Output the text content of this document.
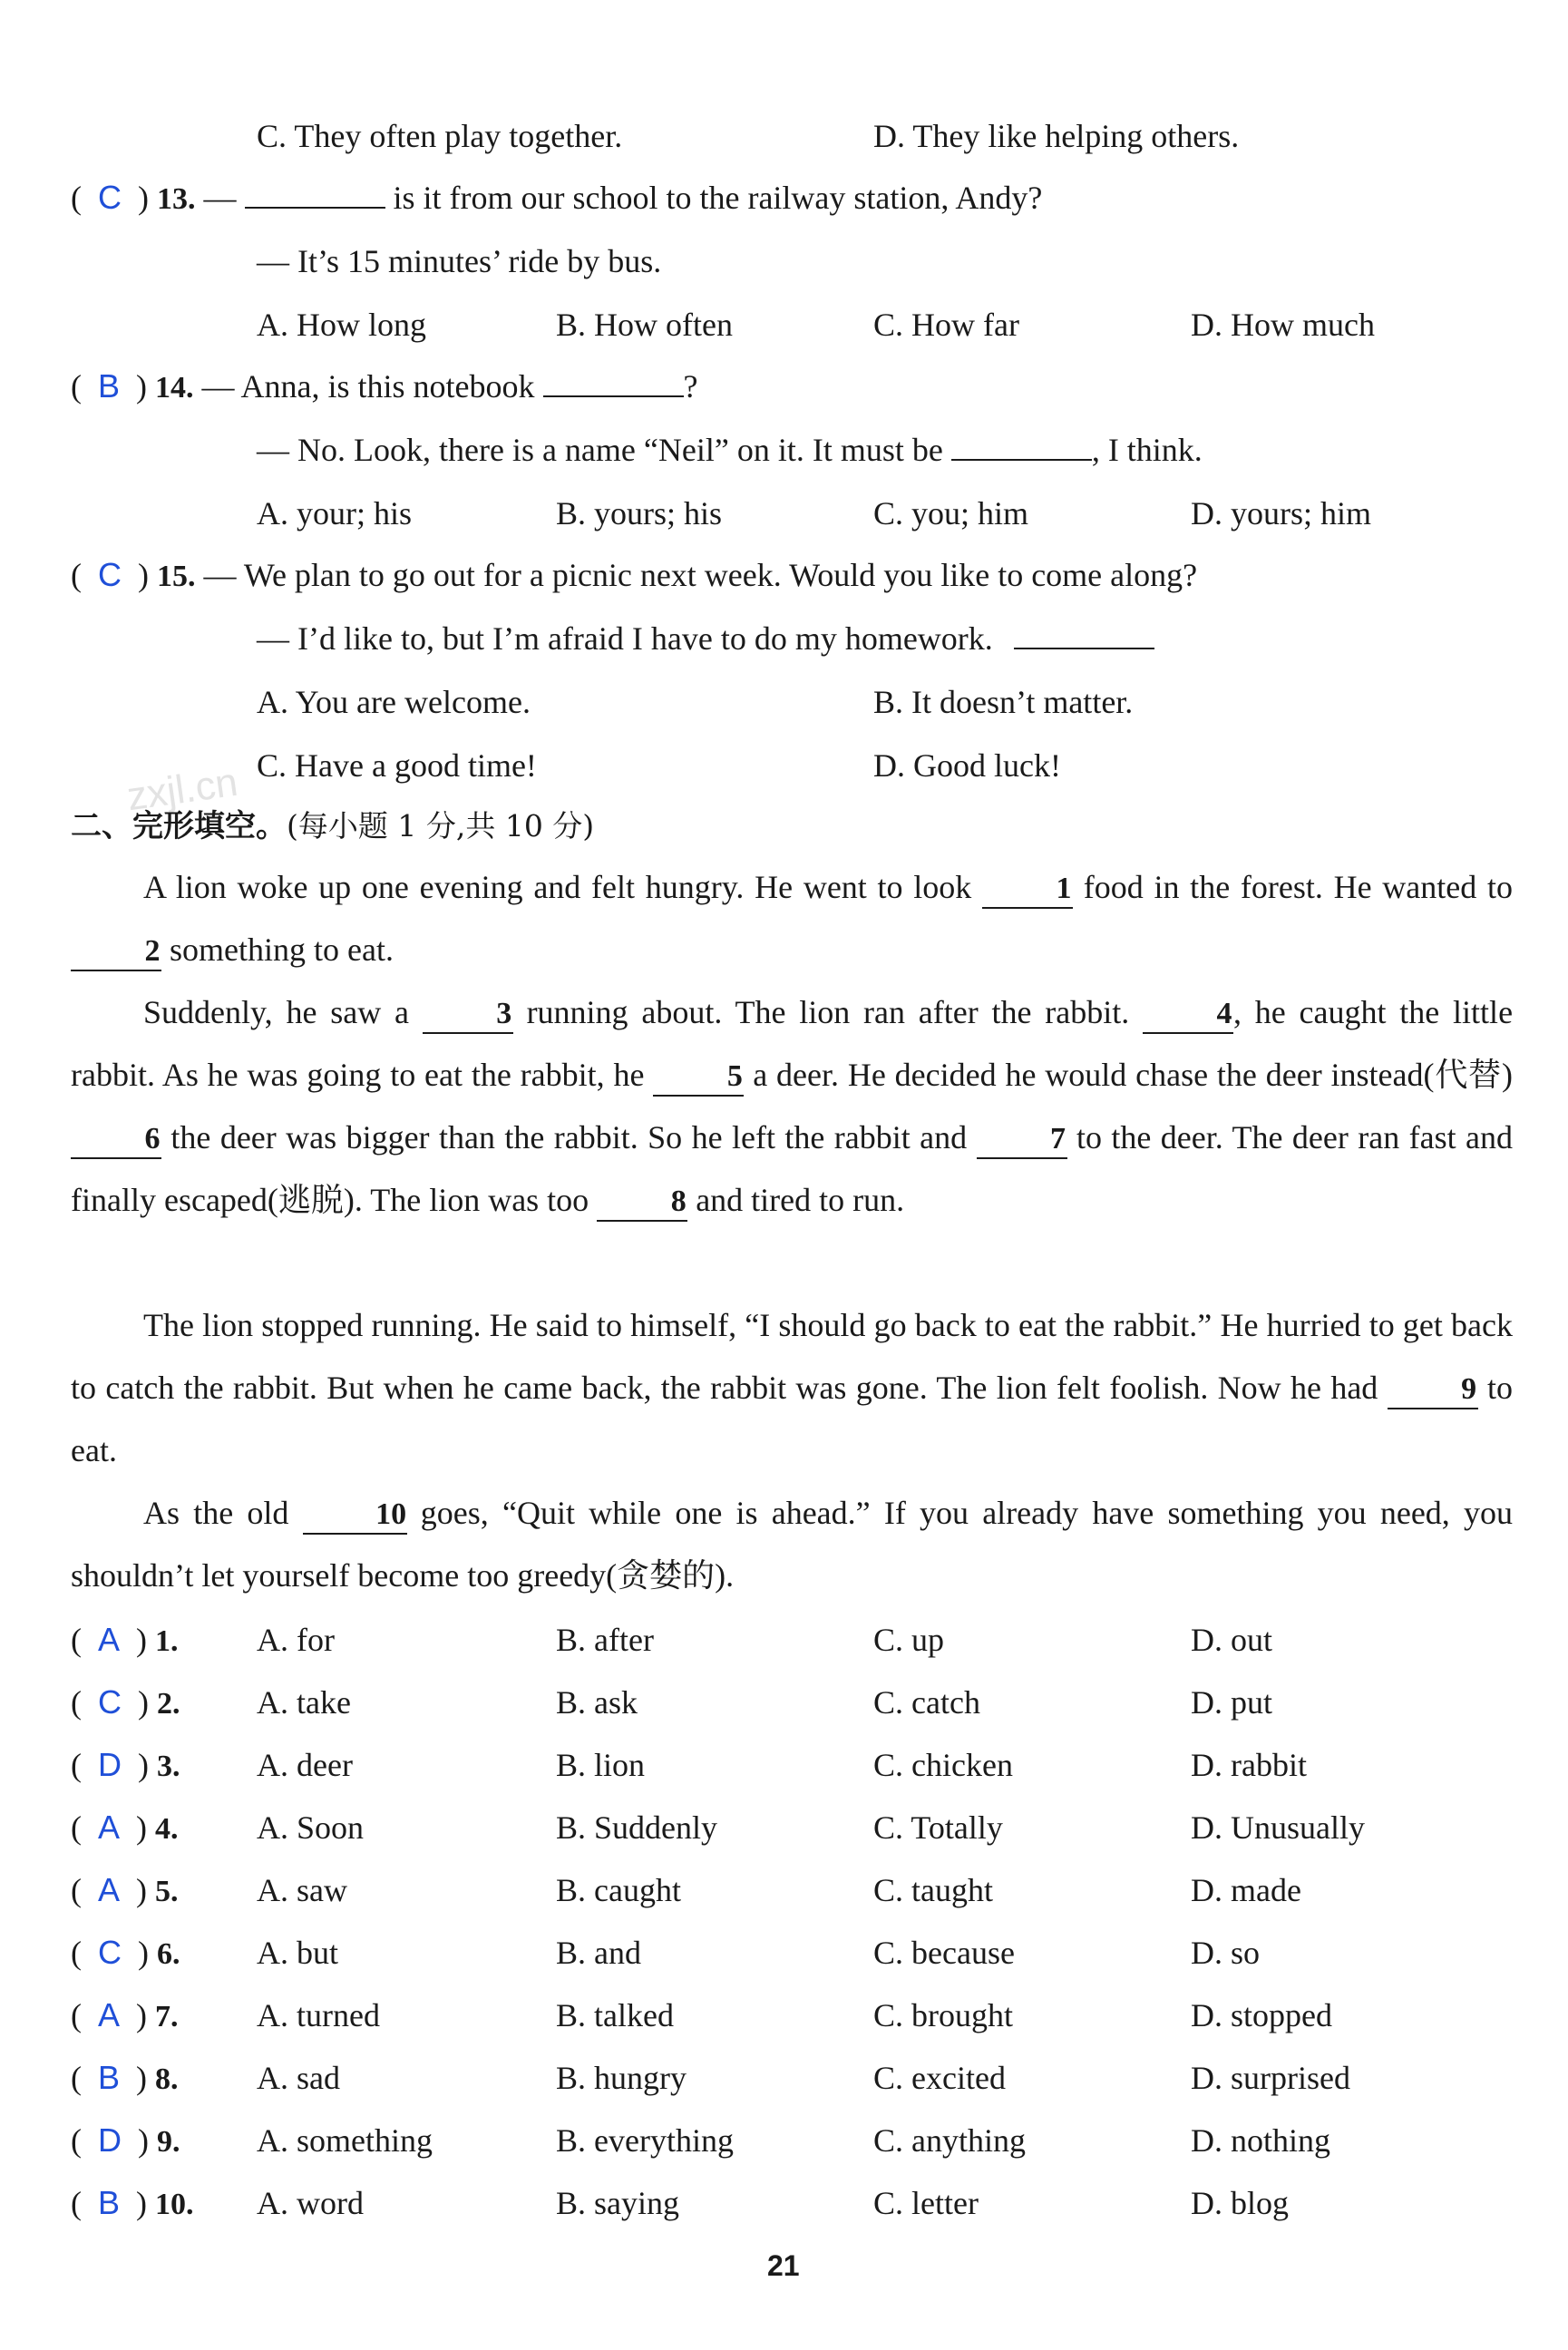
zxjl.cn
C. They often play together.	D. They like helping others.
( C ) 13. —	is it from our school to the railway station, Andy?
— It’s 15 minutes’ ride by bus.
A. How long	B. How often	C. How far	D. How much
( B ) 14. — Anna, is this notebook	?
— No. Look, there is a name “Neil” on it. It must be	, I think.
A. your; his	B. yours; his	C. you; him	D. yours; him
( C ) 15. — We plan to go out for a picnic next week. Would you like to come along?
— I’d like to, but I’m afraid I have to do my homework.
A. You are welcome.	B. It doesn’t matter.
C. Have a good time!	D. Good luck!
二、完形填空。(每小题 1 分,共 10 分)
A lion woke up one evening and felt hungry. He went to look	1 food in the forest. He wanted to 2 something to eat.
Suddenly, he saw a	3 running about. The lion ran after the rabbit.	4, he caught the little rabbit. As he was going to eat the rabbit, he	5 a deer. He decided he would chase the deer instead(代替) 6 the deer was bigger than the rabbit. So he left the rabbit and	7 to the deer. The deer ran fast and finally escaped(逃脱). The lion was too	8 and tired to run.
The lion stopped running. He said to himself, “I should go back to eat the rabbit.” He hurried to get back to catch the rabbit. But when he came back, the rabbit was gone. The lion felt foolish. Now he had	9 to eat.
As the old	10 goes, “Quit while one is ahead.” If you already have something you need, you shouldn’t let yourself become too greedy(贪婪的).
( A ) 1. A. for	B. after	C. up	D. out
( C ) 2. A. take	B. ask	C. catch	D. put
( D ) 3. A. deer	B. lion	C. chicken	D. rabbit
( A ) 4. A. Soon	B. Suddenly	C. Totally	D. Unusually
( A ) 5. A. saw	B. caught	C. taught	D. made
( C ) 6. A. but	B. and	C. because	D. so
( A ) 7. A. turned	B. talked	C. brought	D. stopped
( B ) 8. A. sad	B. hungry	C. excited	D. surprised
( D ) 9. A. something	B. everything	C. anything	D. nothing
( B ) 10. A. word	B. saying	C. letter	D. blog
21
